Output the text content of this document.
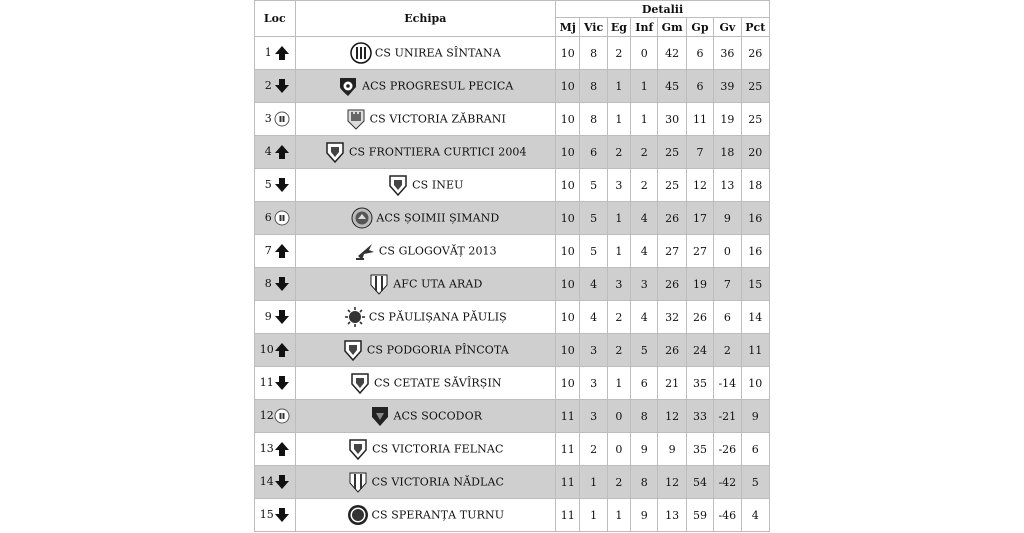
Loc	Echipa	Detalii							
		Mj	Vic	Eg	Inf	Gm	Gp	Gv	Pct
1	CS UNIREA SÎNTANA	10	8	2	0	42	6	36	26
2	ACS PROGRESUL PECICA	10	8	1	1	45	6	39	25
3	CS VICTORIA ZĂBRANI	10	8	1	1	30	11	19	25
4	CS FRONTIERA CURTICI 2004	10	6	2	2	25	7	18	20
5	CS INEU	10	5	3	2	25	12	13	18
6	ACS ȘOIMII ȘIMAND	10	5	1	4	26	17	9	16
7	CS GLOGOVĂȚ 2013	10	5	1	4	27	27	0	16
8	AFC UTA ARAD	10	4	3	3	26	19	7	15
9	CS PĂULIȘANA PĂULIȘ	10	4	2	4	32	26	6	14
10	CS PODGORIA PÎNCOTA	10	3	2	5	26	24	2	11
11	CS CETATE SĂVÎRȘIN	10	3	1	6	21	35	-14	10
12	ACS SOCODOR	11	3	0	8	12	33	-21	9
13	CS VICTORIA FELNAC	11	2	0	9	9	35	-26	6
14	CS VICTORIA NĂDLAC	11	1	2	8	12	54	-42	5
15	CS SPERANȚA TURNU	11	1	1	9	13	59	-46	4
